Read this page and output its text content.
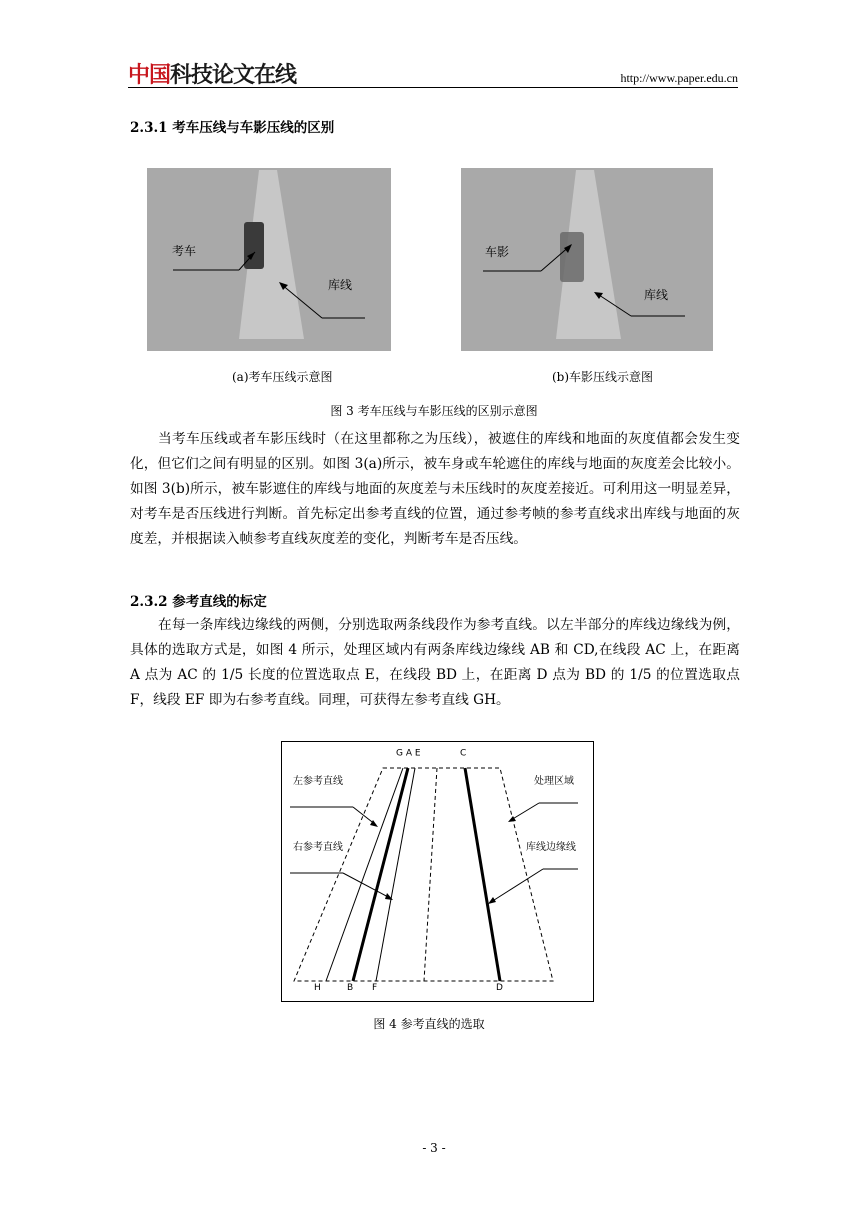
中国科技论文在线	http://www.paper.edu.cn
2.3.1 考车压线与车影压线的区别
考车
库线
车影
库线
(a)考车压线示意图	(b)车影压线示意图
图 3 考车压线与车影压线的区别示意图

当考车压线或者车影压线时（在这里都称之为压线），被遮住的库线和地面的灰度值都会发生变化，但它们之间有明显的区别。如图 3(a)所示，被车身或车轮遮住的库线与地面的灰度差会比较小。如图 3(b)所示，被车影遮住的库线与地面的灰度差与未压线时的灰度差接近。可利用这一明显差异，对考车是否压线进行判断。首先标定出参考直线的位置，通过参考帧的参考直线求出库线与地面的灰度差，并根据读入帧参考直线灰度差的变化，判断考车是否压线。

2.3.2 参考直线的标定

在每一条库线边缘线的两侧，分别选取两条线段作为参考直线。以左半部分的库线边缘线为例，具体的选取方式是，如图 4 所示，处理区域内有两条库线边缘线 AB 和 CD,在线段 AC 上，在距离 A 点为 AC 的 1/5 长度的位置选取点 E，在线段 BD 上，在距离 D 点为 BD 的 1/5 的位置选取点 F，线段 EF 即为右参考直线。同理，可获得左参考直线 GH。

G A E	C
左参考直线
右参考直线
处理区域
库线边缘线
H	B F	D
图 4 参考直线的选取
- 3 -
